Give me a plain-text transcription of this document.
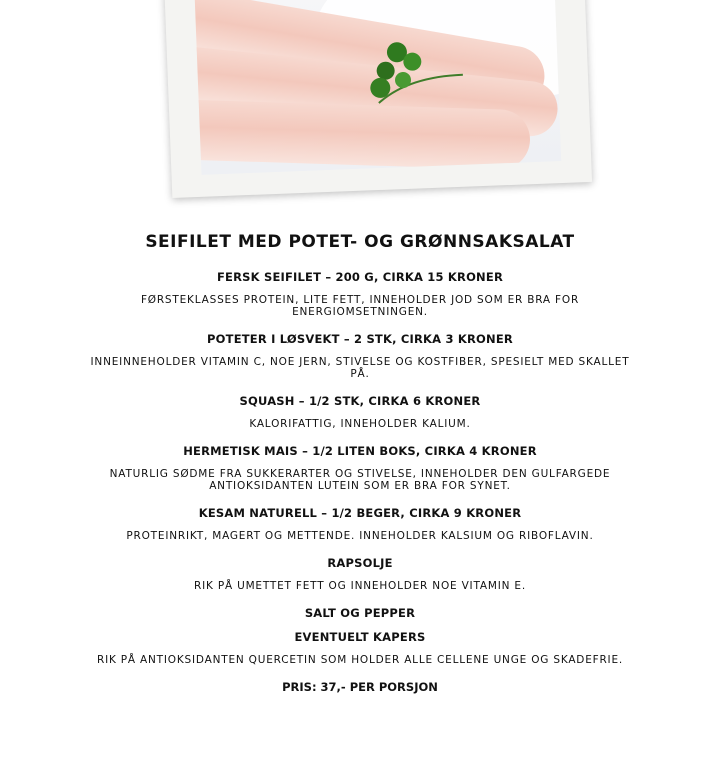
SEIFILET MED POTET- OG GRØNNSAKSALAT
FERSK SEIFILET – 200 G, CIRKA 15 KRONER
FØRSTEKLASSES PROTEIN, LITE FETT, INNEHOLDER JOD SOM ER BRA FOR ENERGIOMSETNINGEN.
POTETER I LØSVEKT – 2 STK, CIRKA 3 KRONER
INNEINNEHOLDER VITAMIN C, NOE JERN, STIVELSE OG KOSTFIBER, SPESIELT MED SKALLET PÅ.
SQUASH – 1/2 STK, CIRKA 6 KRONER
KALORIFATTIG, INNEHOLDER KALIUM.
HERMETISK MAIS – 1/2 LITEN BOKS, CIRKA 4 KRONER
NATURLIG SØDME FRA SUKKERARTER OG STIVELSE, INNEHOLDER DEN GULFARGEDE ANTIOKSIDANTEN LUTEIN SOM ER BRA FOR SYNET.
KESAM NATURELL – 1/2 BEGER, CIRKA 9 KRONER
PROTEINRIKT, MAGERT OG METTENDE. INNEHOLDER KALSIUM OG RIBOFLAVIN.
RAPSOLJE
RIK PÅ UMETTET FETT OG INNEHOLDER NOE VITAMIN E.
SALT OG PEPPER
EVENTUELT KAPERS
RIK PÅ ANTIOKSIDANTEN QUERCETIN SOM HOLDER ALLE CELLENE UNGE OG SKADEFRIE.
PRIS: 37,- PER PORSJON
